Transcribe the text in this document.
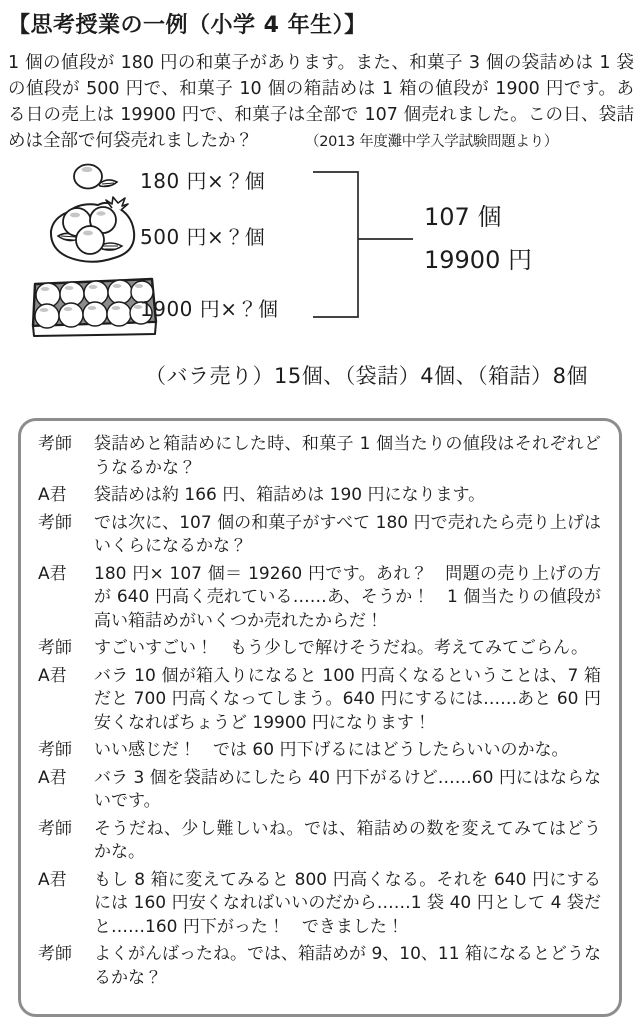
【思考授業の一例（小学 4 年生）】
1 個の値段が 180 円の和菓子があります。また、和菓子 3 個の袋詰めは 1 袋の値段が 500 円で、和菓子 10 個の箱詰めは 1 箱の値段が 1900 円です。ある日の売上は 19900 円で、和菓子は全部で 107 個売れました。この日、袋詰めは全部で何袋売れましたか？	（2013 年度灘中学入学試験問題より）
180 円×？個
500 円×？個
1900 円×？個
107 個
19900 円
（バラ売り）15個、（袋詰）4個、（箱詰）8個
考師	袋詰めと箱詰めにした時、和菓子 1 個当たりの値段はそれぞれどうなるかな？
A君	袋詰めは約 166 円、箱詰めは 190 円になります。
考師	では次に、107 個の和菓子がすべて 180 円で売れたら売り上げはいくらになるかな？
A君	180 円× 107 個＝ 19260 円です。あれ？　問題の売り上げの方が 640 円高く売れている……あ、そうか！　1 個当たりの値段が高い箱詰めがいくつか売れたからだ！
考師	すごいすごい！　もう少しで解けそうだね。考えてみてごらん。
A君	バラ 10 個が箱入りになると 100 円高くなるということは、7 箱だと 700 円高くなってしまう。640 円にするには……あと 60 円安くなればちょうど 19900 円になります！
考師	いい感じだ！　では 60 円下げるにはどうしたらいいのかな。
A君	バラ 3 個を袋詰めにしたら 40 円下がるけど……60 円にはならないです。
考師	そうだね、少し難しいね。では、箱詰めの数を変えてみてはどうかな。
A君	もし 8 箱に変えてみると 800 円高くなる。それを 640 円にするには 160 円安くなればいいのだから……1 袋 40 円として 4 袋だと……160 円下がった！　できました！
考師	よくがんばったね。では、箱詰めが 9、10、11 箱になるとどうなるかな？
